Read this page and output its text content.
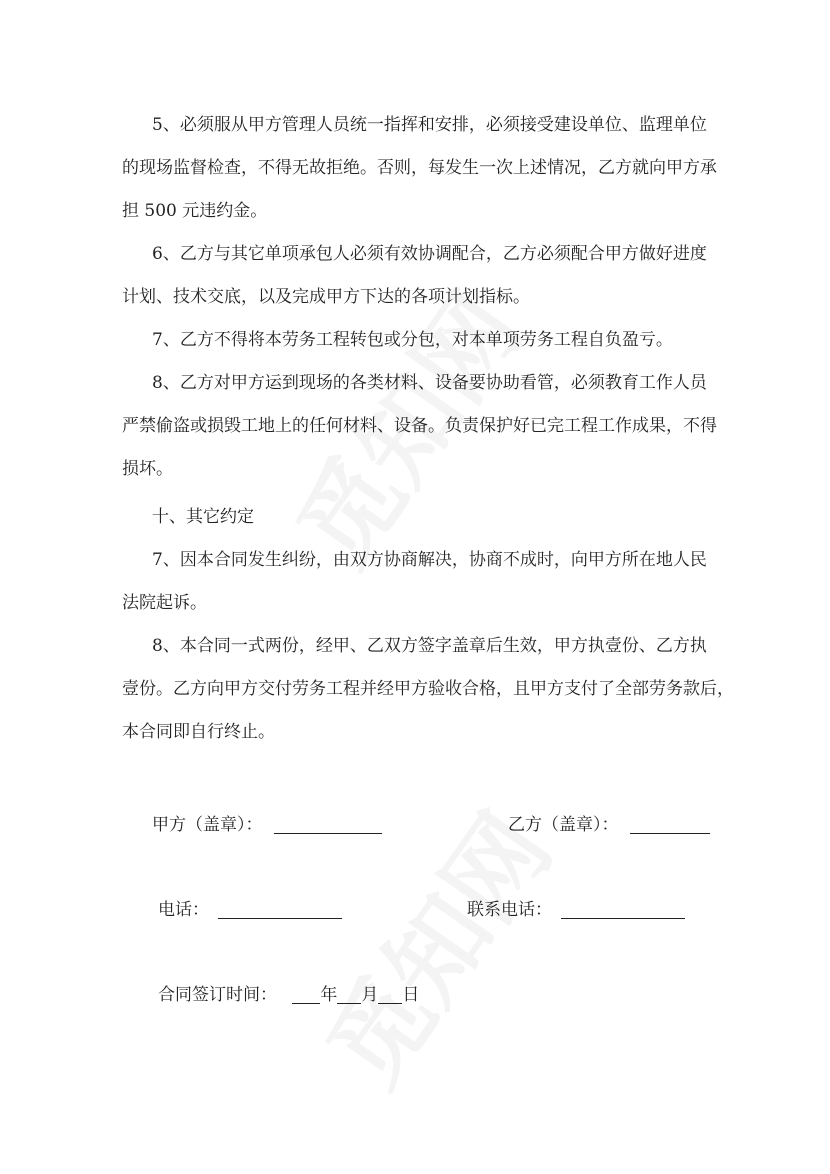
5、必须服从甲方管理人员统一指挥和安排，必须接受建设单位、监理单位
的现场监督检查，不得无故拒绝。否则，每发生一次上述情况，乙方就向甲方承
担 500 元违约金。
6、乙方与其它单项承包人必须有效协调配合，乙方必须配合甲方做好进度
计划、技术交底，以及完成甲方下达的各项计划指标。
7、乙方不得将本劳务工程转包或分包，对本单项劳务工程自负盈亏。
8、乙方对甲方运到现场的各类材料、设备要协助看管，必须教育工作人员
严禁偷盗或损毁工地上的任何材料、设备。负责保护好已完工程工作成果，不得
损坏。
十、其它约定
7、因本合同发生纠纷，由双方协商解决，协商不成时，向甲方所在地人民
法院起诉。
8、本合同一式两份，经甲、乙双方签字盖章后生效，甲方执壹份、乙方执
壹份。乙方向甲方交付劳务工程并经甲方验收合格，且甲方支付了全部劳务款后，
本合同即自行终止。
甲方（盖章）：	乙方（盖章）：
电话：	联系电话：
合同签订时间：	年 月 日
